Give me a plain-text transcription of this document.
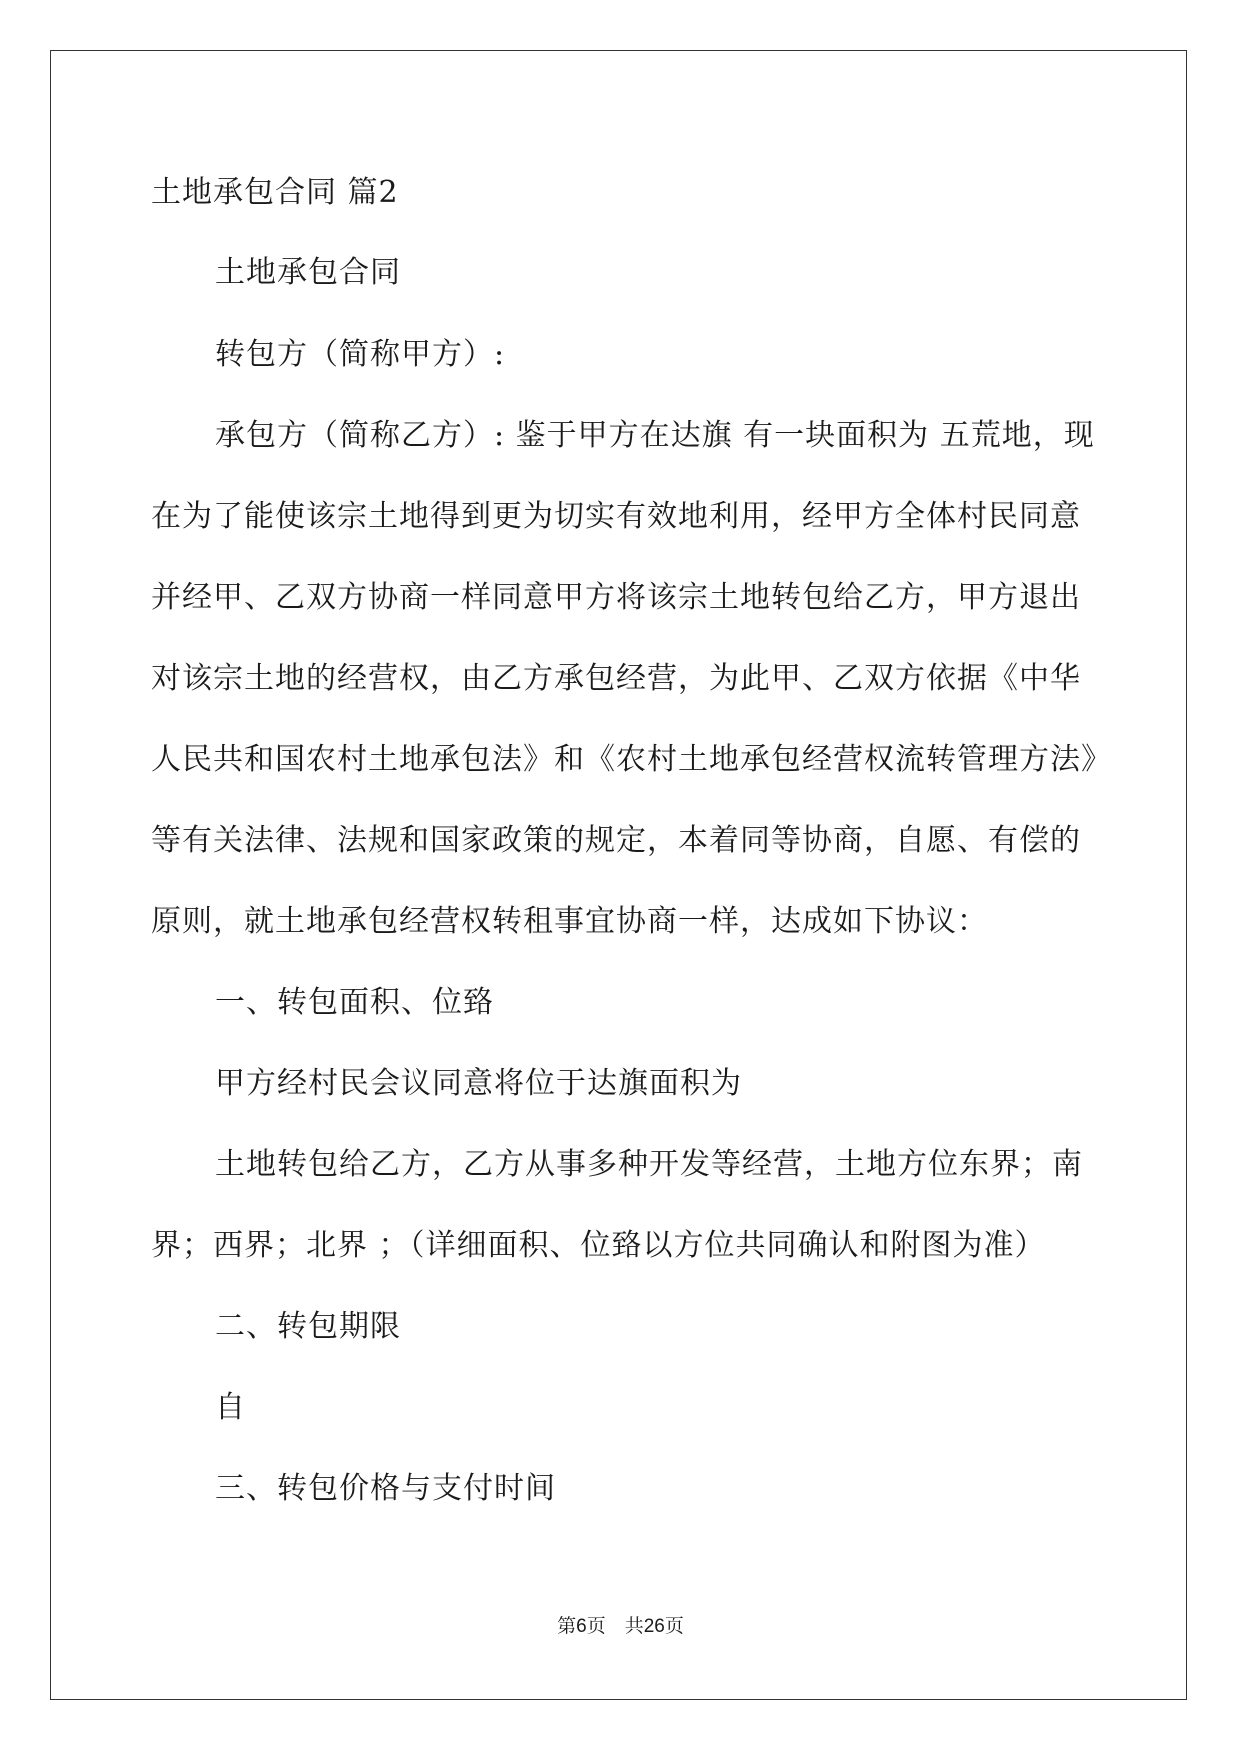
土地承包合同 篇2
土地承包合同
转包方（简称甲方）:
承包方（简称乙方）: 鉴于甲方在达旗 有一块面积为 五荒地，现
在为了能使该宗土地得到更为切实有效地利用，经甲方全体村民同意
并经甲、乙双方协商一样同意甲方将该宗土地转包给乙方，甲方退出
对该宗土地的经营权，由乙方承包经营，为此甲、乙双方依据《中华
人民共和国农村土地承包法》和《农村土地承包经营权流转管理方法》
等有关法律、法规和国家政策的规定，本着同等协商，自愿、有偿的
原则，就土地承包经营权转租事宜协商一样，达成如下协议：
一、转包面积、位臵
甲方经村民会议同意将位于达旗面积为
土地转包给乙方，乙方从事多种开发等经营，土地方位东界；南
界；西界；北界 ；（详细面积、位臵以方位共同确认和附图为准）
二、转包期限
自
三、转包价格与支付时间
第6页　共26页
